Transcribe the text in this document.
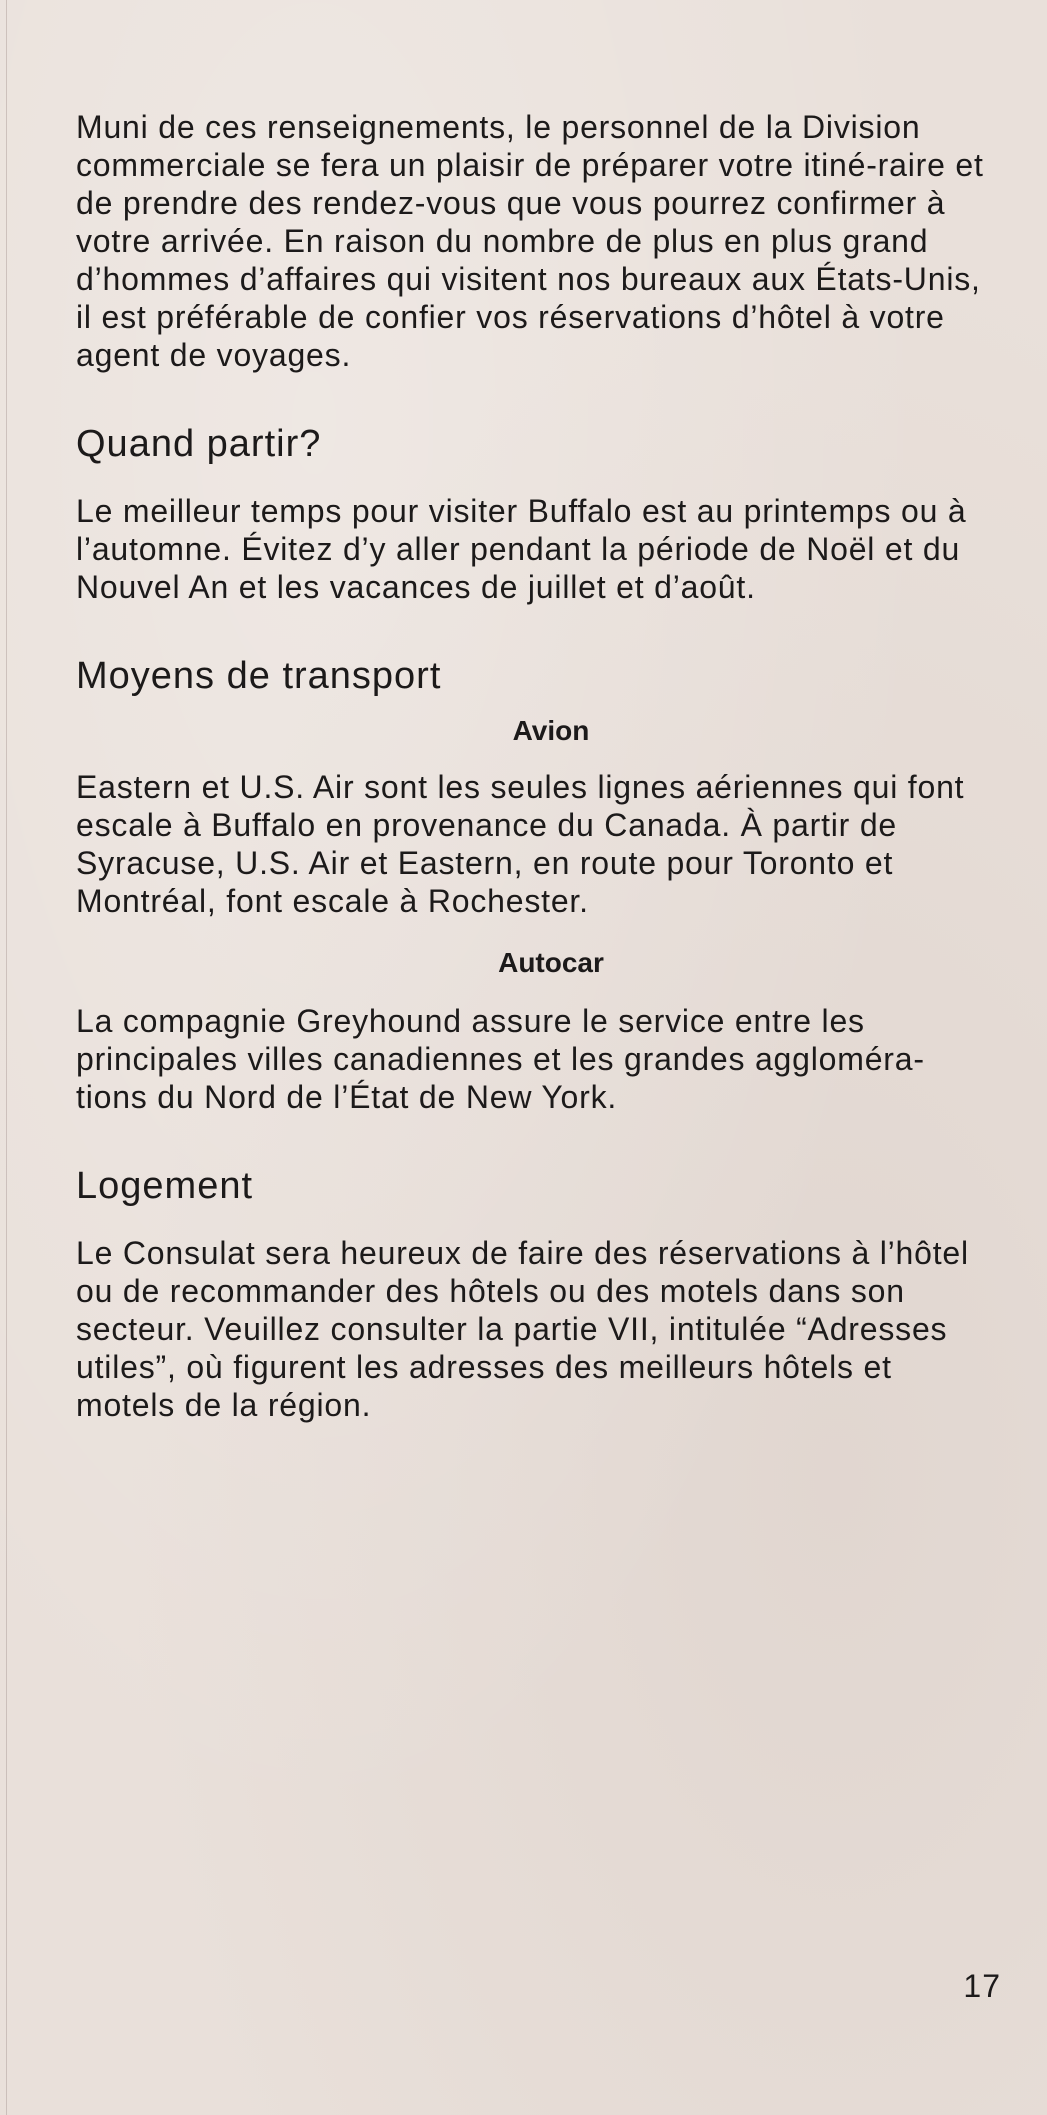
Muni de ces renseignements, le personnel de la Division commerciale se fera un plaisir de préparer votre itiné-raire et de prendre des rendez-vous que vous pourrez confirmer à votre arrivée. En raison du nombre de plus en plus grand d’hommes d’affaires qui visitent nos bureaux aux États-Unis, il est préférable de confier vos réservations d’hôtel à votre agent de voyages.

Quand partir?

Le meilleur temps pour visiter Buffalo est au printemps ou à l’automne. Évitez d’y aller pendant la période de Noël et du Nouvel An et les vacances de juillet et d’août.

Moyens de transport
Avion

Eastern et U.S. Air sont les seules lignes aériennes qui font escale à Buffalo en provenance du Canada. À partir de Syracuse, U.S. Air et Eastern, en route pour Toronto et Montréal, font escale à Rochester.

Autocar

La compagnie Greyhound assure le service entre les principales villes canadiennes et les grandes aggloméra-tions du Nord de l’État de New York.

Logement

Le Consulat sera heureux de faire des réservations à l’hôtel ou de recommander des hôtels ou des motels dans son secteur. Veuillez consulter la partie VII, intitulée “Adresses utiles”, où figurent les adresses des meilleurs hôtels et motels de la région.

17
